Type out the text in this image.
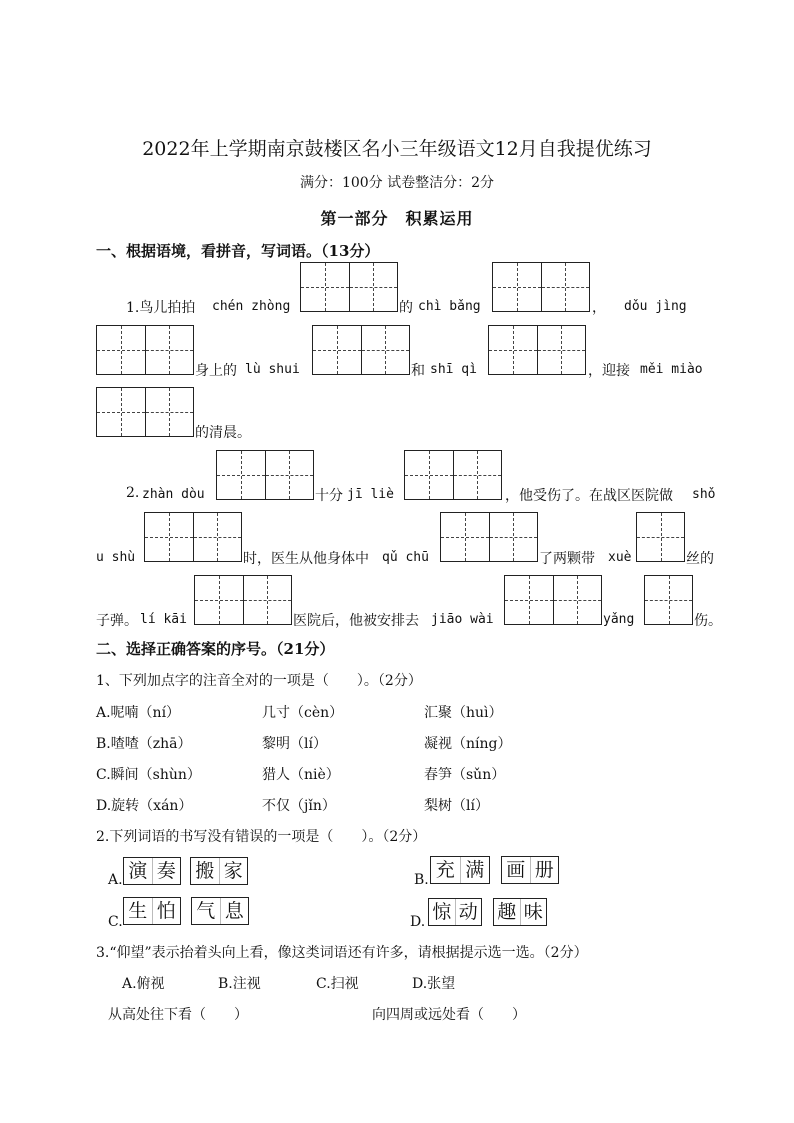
2022年上学期南京鼓楼区名小三年级语文12月自我提优练习
满分：100分 试卷整洁分：2分
第一部分　积累运用
一、根据语境，看拼音，写词语。（13分）
1.鸟儿拍拍 chén zhòng	的 chì bǎng	， dǒu jìng
身上的 lù shui	和 shī qì	，迎接 měi miào
的清晨。
2. zhàn dòu	十分 jī liè	，他受伤了。在战区医院做 shǒ
u shù	时，医生从他身体中 qǔ chū	了两颗带 xuè	丝的
子弹。 lí kāi	医院后，他被安排去 jiāo wài	yǎng	伤。
二、选择正确答案的序号。（21分）
1、下列加点字的注音全对的一项是（　　）。（2分）
A.呢喃（ní）	几寸（cèn）	汇聚（huì）
B.喳喳（zhā）	黎明（lí）	凝视（níng）
C.瞬间（shùn）	猎人（niè）	春笋（sǔn）
D.旋转（xán）	不仅（jǐn）	梨树（lí）
2.下列词语的书写没有错误的一项是（　　）。（2分）
A. 演 奏 搬 家	B. 充 满 画 册
C. 生 怕 气 息	D. 惊 动 趣 味
3.“仰望”表示抬着头向上看，像这类词语还有许多，请根据提示选一选。（2分）
A.俯视	B.注视	C.扫视	D.张望
从高处往下看（　　）	向四周或远处看（　　）
